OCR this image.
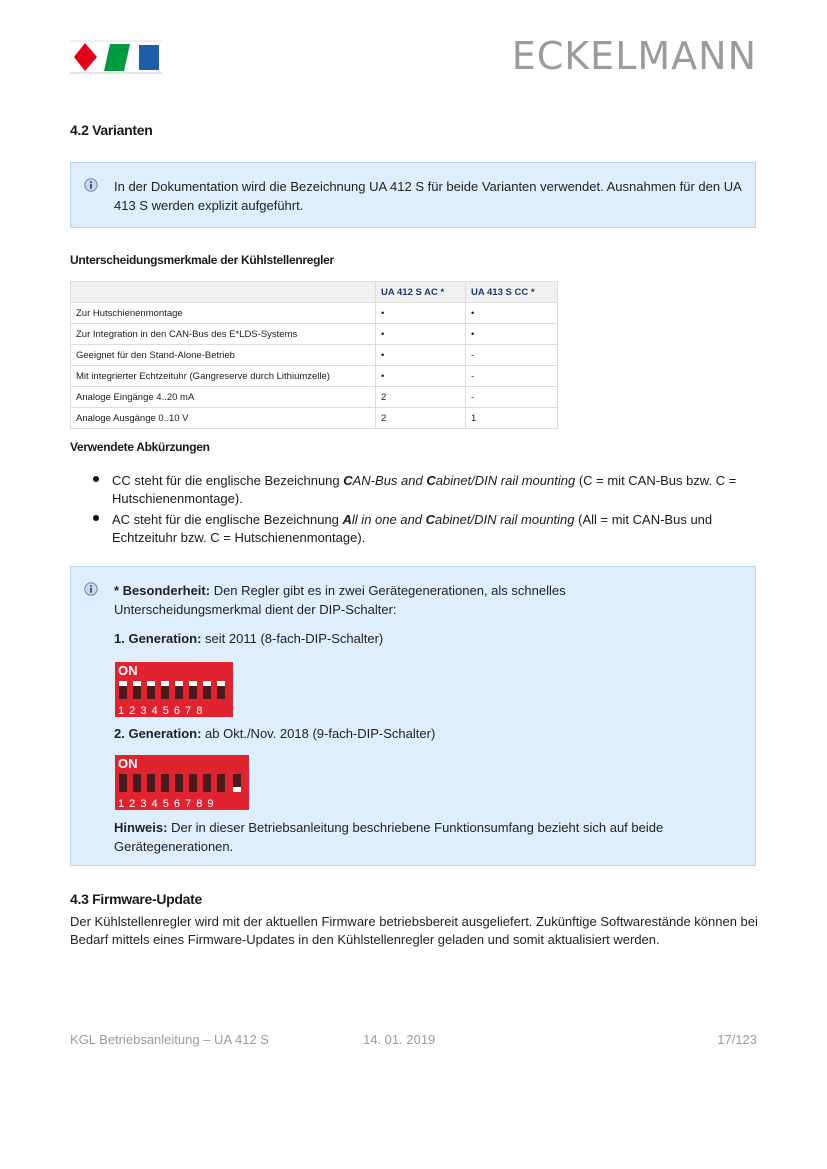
ECKELMANN
4.2 Varianten

In der Dokumentation wird die Bezeichnung UA 412 S für beide Varianten verwendet. Ausnahmen für den UA 413 S werden explizit aufgeführt.

Unterscheidungsmerkmale der Kühlstellenregler
	UA 412 S AC *	UA 413 S CC *
Zur Hutschienenmontage	•	•
Zur Integration in den CAN-Bus des E*LDS-Systems	•	•
Geeignet für den Stand-Alone-Betrieb	•	-
Mit integrierter Echtzeituhr (Gangreserve durch Lithiumzelle)	•	-
Analoge Eingänge 4..20 mA	2	-
Analoge Ausgänge 0..10 V	2	1
Verwendete Abkürzungen
CC steht für die englische Bezeichnung CAN-Bus and Cabinet/DIN rail mounting (C = mit CAN-Bus bzw. C = Hutschienenmontage).
AC steht für die englische Bezeichnung All in one and Cabinet/DIN rail mounting (All = mit CAN-Bus und Echtzeituhr bzw. C = Hutschienenmontage).

* Besonderheit: Den Regler gibt es in zwei Gerätegenerationen, als schnelles Unterscheidungsmerkmal dient der DIP-Schalter:

1. Generation: seit 2011 (8-fach-DIP-Schalter)

2. Generation: ab Okt./Nov. 2018 (9-fach-DIP-Schalter)

Hinweis: Der in dieser Betriebsanleitung beschriebene Funktionsumfang bezieht sich auf beide Gerätegenerationen.

ON
1 2 3 4 5 6 7 8
ON
1 2 3 4 5 6 7 8 9
4.3 Firmware-Update

Der Kühlstellenregler wird mit der aktuellen Firmware betriebsbereit ausgeliefert. Zukünftige Softwarestände können bei Bedarf mittels eines Firmware-Updates in den Kühlstellenregler geladen und somit aktualisiert werden.

KGL Betriebsanleitung – UA 412 S	14. 01. 2019	17/123
